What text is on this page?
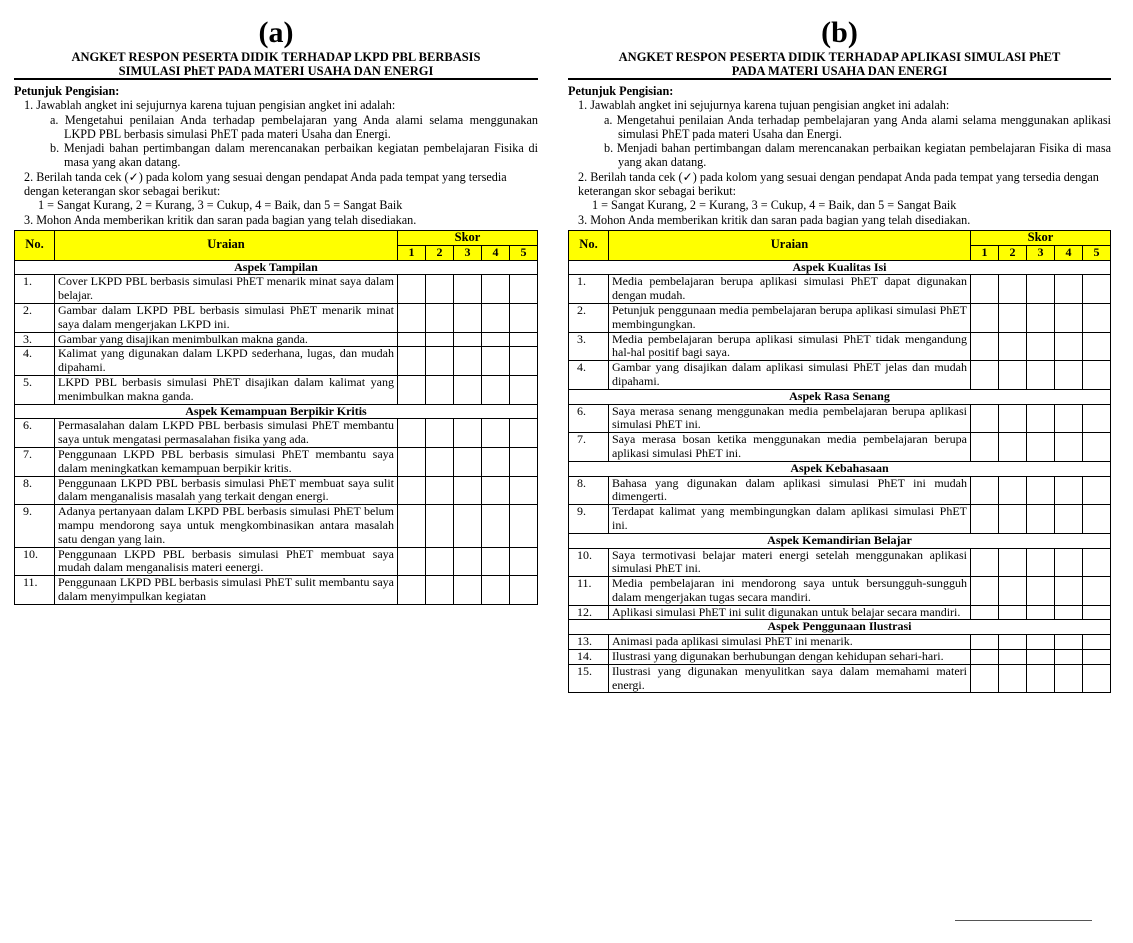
(a)
ANGKET RESPON PESERTA DIDIK TERHADAP LKPD PBL BERBASIS
SIMULASI PhET PADA MATERI USAHA DAN ENERGI

Petunjuk Pengisian:

1. Jawablah angket ini sejujurnya karena tujuan pengisian angket ini adalah:

a. Mengetahui penilaian Anda terhadap pembelajaran yang Anda alami selama menggunakan LKPD PBL berbasis simulasi PhET pada materi Usaha dan Energi.

b. Menjadi bahan pertimbangan dalam merencanakan perbaikan kegiatan pembelajaran Fisika di masa yang akan datang.

2. Berilah tanda cek (✓) pada kolom yang sesuai dengan pendapat Anda pada tempat yang tersedia dengan keterangan skor sebagai berikut:

1 = Sangat Kurang, 2 = Kurang, 3 = Cukup, 4 = Baik, dan 5 = Sangat Baik

3. Mohon Anda memberikan kritik dan saran pada bagian yang telah disediakan.

No.	Uraian	Skor				
		1	2	3	4	5
Aspek Tampilan						
1.	Cover LKPD PBL berbasis simulasi PhET menarik minat saya dalam belajar.					
2.	Gambar dalam LKPD PBL berbasis simulasi PhET menarik minat saya dalam mengerjakan LKPD ini.					
3.	Gambar yang disajikan menimbulkan makna ganda.					
4.	Kalimat yang digunakan dalam LKPD sederhana, lugas, dan mudah dipahami.					
5.	LKPD PBL berbasis simulasi PhET disajikan dalam kalimat yang menimbulkan makna ganda.					
Aspek Kemampuan Berpikir Kritis						
6.	Permasalahan dalam LKPD PBL berbasis simulasi PhET membantu saya untuk mengatasi permasalahan fisika yang ada.					
7.	Penggunaan LKPD PBL berbasis simulasi PhET membantu saya dalam meningkatkan kemampuan berpikir kritis.					
8.	Penggunaan LKPD PBL berbasis simulasi PhET membuat saya sulit dalam menganalisis masalah yang terkait dengan energi.					
9.	Adanya pertanyaan dalam LKPD PBL berbasis simulasi PhET belum mampu mendorong saya untuk mengkombinasikan antara masalah satu dengan yang lain.					
10.	Penggunaan LKPD PBL berbasis simulasi PhET membuat saya mudah dalam menganalisis materi eenergi.					
11.	Penggunaan LKPD PBL berbasis simulasi PhET sulit membantu saya dalam menyimpulkan kegiatan					
(b)
ANGKET RESPON PESERTA DIDIK TERHADAP APLIKASI SIMULASI PhET
PADA MATERI USAHA DAN ENERGI

Petunjuk Pengisian:

1. Jawablah angket ini sejujurnya karena tujuan pengisian angket ini adalah:

a. Mengetahui penilaian Anda terhadap pembelajaran yang Anda alami selama menggunakan aplikasi simulasi PhET pada materi Usaha dan Energi.

b. Menjadi bahan pertimbangan dalam merencanakan perbaikan kegiatan pembelajaran Fisika di masa yang akan datang.

2. Berilah tanda cek (✓) pada kolom yang sesuai dengan pendapat Anda pada tempat yang tersedia dengan keterangan skor sebagai berikut:

1 = Sangat Kurang, 2 = Kurang, 3 = Cukup, 4 = Baik, dan 5 = Sangat Baik

3. Mohon Anda memberikan kritik dan saran pada bagian yang telah disediakan.

No.	Uraian	Skor				
		1	2	3	4	5
Aspek Kualitas Isi						
1.	Media pembelajaran berupa aplikasi simulasi PhET dapat digunakan dengan mudah.					
2.	Petunjuk penggunaan media pembelajaran berupa aplikasi simulasi PhET membingungkan.					
3.	Media pembelajaran berupa aplikasi simulasi PhET tidak mengandung hal-hal positif bagi saya.					
4.	Gambar yang disajikan dalam aplikasi simulasi PhET jelas dan mudah dipahami.					
Aspek Rasa Senang						
6.	Saya merasa senang menggunakan media pembelajaran berupa aplikasi simulasi PhET ini.					
7.	Saya merasa bosan ketika menggunakan media pembelajaran berupa aplikasi simulasi PhET ini.					
Aspek Kebahasaan						
8.	Bahasa yang digunakan dalam aplikasi simulasi PhET ini mudah dimengerti.					
9.	Terdapat kalimat yang membingungkan dalam aplikasi simulasi PhET ini.					
Aspek Kemandirian Belajar						
10.	Saya termotivasi belajar materi energi setelah menggunakan aplikasi simulasi PhET ini.					
11.	Media pembelajaran ini mendorong saya untuk bersungguh-sungguh dalam mengerjakan tugas secara mandiri.					
12.	Aplikasi simulasi PhET ini sulit digunakan untuk belajar secara mandiri.					
Aspek Penggunaan Ilustrasi						
13.	Animasi pada aplikasi simulasi PhET ini menarik.					
14.	Ilustrasi yang digunakan berhubungan dengan kehidupan sehari-hari.					
15.	Ilustrasi yang digunakan menyulitkan saya dalam memahami materi energi.					
